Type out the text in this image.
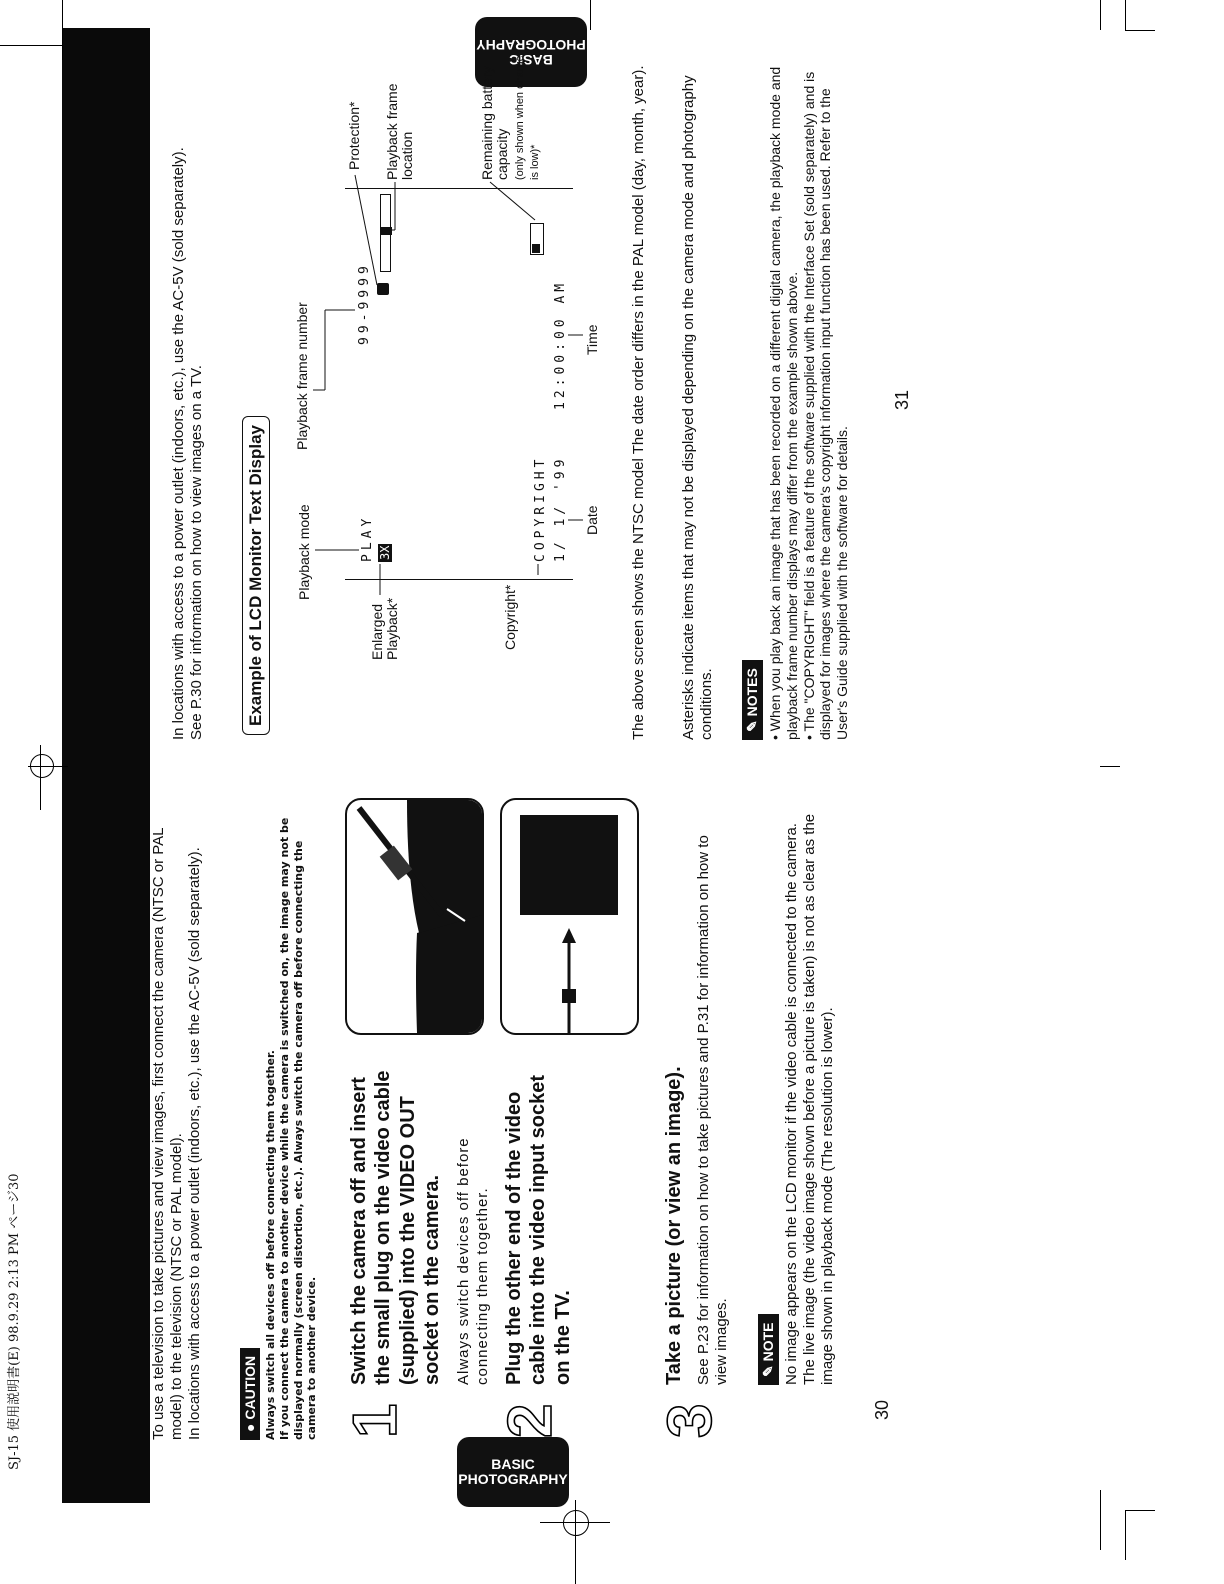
SJ-15 使用説明書(E) 98.9.29 2:13 PM ページ30	BASIC
PHOTOGRAPHY
BASIC
PHOTOGRAPHY

To use a television to take pictures and view images, first connect the camera (NTSC or PAL model) to the television (NTSC or PAL model). In locations with access to a power outlet (indoors, etc.), use the AC-5V (sold separately).	● CAUTION Always switch all devices off before connecting them together. If you connect the camera to another device while the camera is switched on, the image may not be displayed normally (screen distortion, etc.). Always switch the camera off before connecting the camera to another device. 1
Switch the camera off and insert the small plug on the video cable (supplied) into the VIDEO OUT socket on the camera. Always switch devices off before connecting them together.
2
Plug the other end of the video cable into the video input socket on the TV.
3
Take a picture (or view an image). See P.23 for information on how to take pictures and P.31 for information on how to view images. ✎ NOTE No image appears on the LCD monitor if the video cable is connected to the camera. The live image (the video image shown before a picture is taken) is not as clear as the image shown in playback mode (The resolution is lower).

30

In locations with access to a power outlet (indoors, etc.), use the AC-5V (sold separately). See P.30 for information on how to view images on a TV. Example of LCD Monitor Text Display	PLAY 3X
99-9999
COPYRIGHT 1/ 1/ '99
12:00:00 AM
Playback mode
Playback frame number
Enlarged Playback*
Protection* Playback frame location
Copyright*
Remaining battery capacity (only shown when charge is low)*
Date
Time The above screen shows the NTSC model The date order differs in the PAL model (day, month, year). Asterisks indicate items that may not be displayed depending on the camera mode and photography conditions. ✎ NOTES

• When you play back an image that has been recorded on a different digital camera, the playback mode and playback frame number displays may differ from the example shown above. • The "COPYRIGHT" field is a feature of the software supplied with the Interface Set (sold separately) and is displayed for images where the camera's copyright information input function has been used. Refer to the User's Guide supplied with the software for details.

31
